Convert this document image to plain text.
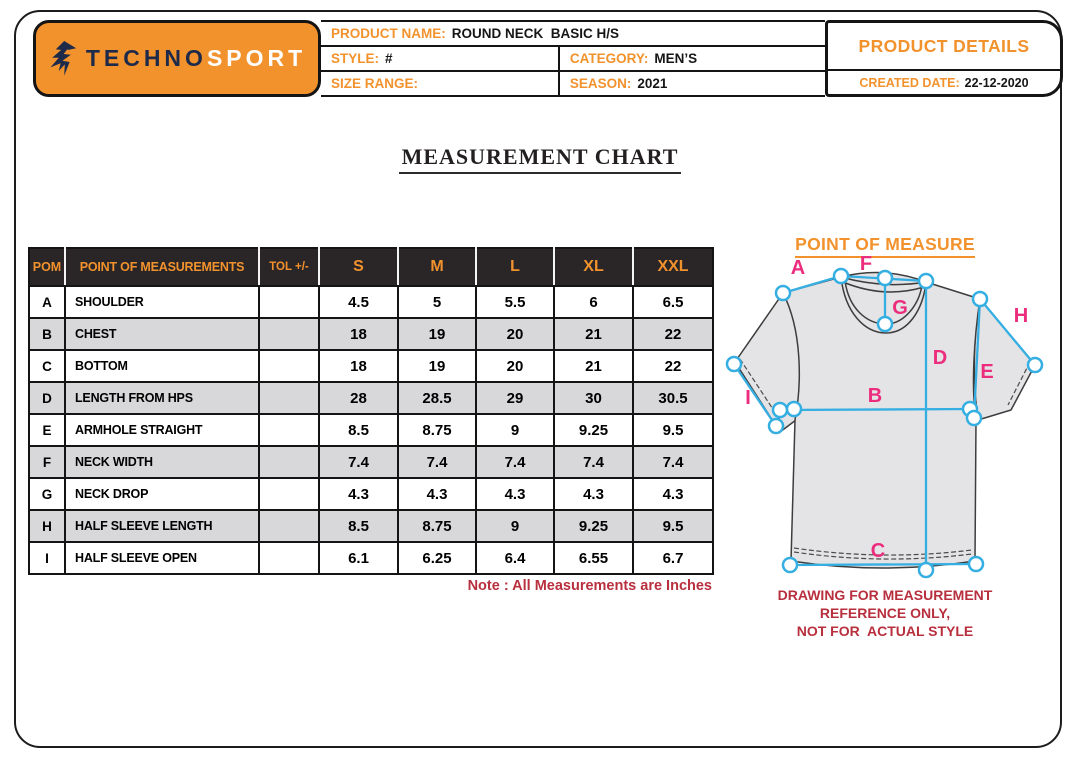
TECHNOSPORT
PRODUCT NAME: ROUND NECK  BASIC H/S
STYLE: #	CATEGORY: MEN’S
SIZE RANGE:	SEASON: 2021
PRODUCT DETAILS
CREATED DATE: 22-12-2020
MEASUREMENT CHART
POM	POINT OF MEASUREMENTS	TOL +/-	S	M	L	XL	XXL
A	SHOULDER		4.5	5	5.5	6	6.5
B	CHEST		18	19	20	21	22
C	BOTTOM		18	19	20	21	22
D	LENGTH FROM HPS		28	28.5	29	30	30.5
E	ARMHOLE STRAIGHT		8.5	8.75	9	9.25	9.5
F	NECK WIDTH		7.4	7.4	7.4	7.4	7.4
G	NECK DROP		4.3	4.3	4.3	4.3	4.3
H	HALF SLEEVE LENGTH		8.5	8.75	9	9.25	9.5
I	HALF SLEEVE OPEN		6.1	6.25	6.4	6.55	6.7
Note : All Measurements are Inches
POINT OF MEASURE
A	F
G
D
E
H
B
I
C
DRAWING FOR MEASUREMENT
REFERENCE ONLY,
NOT FOR  ACTUAL STYLE
